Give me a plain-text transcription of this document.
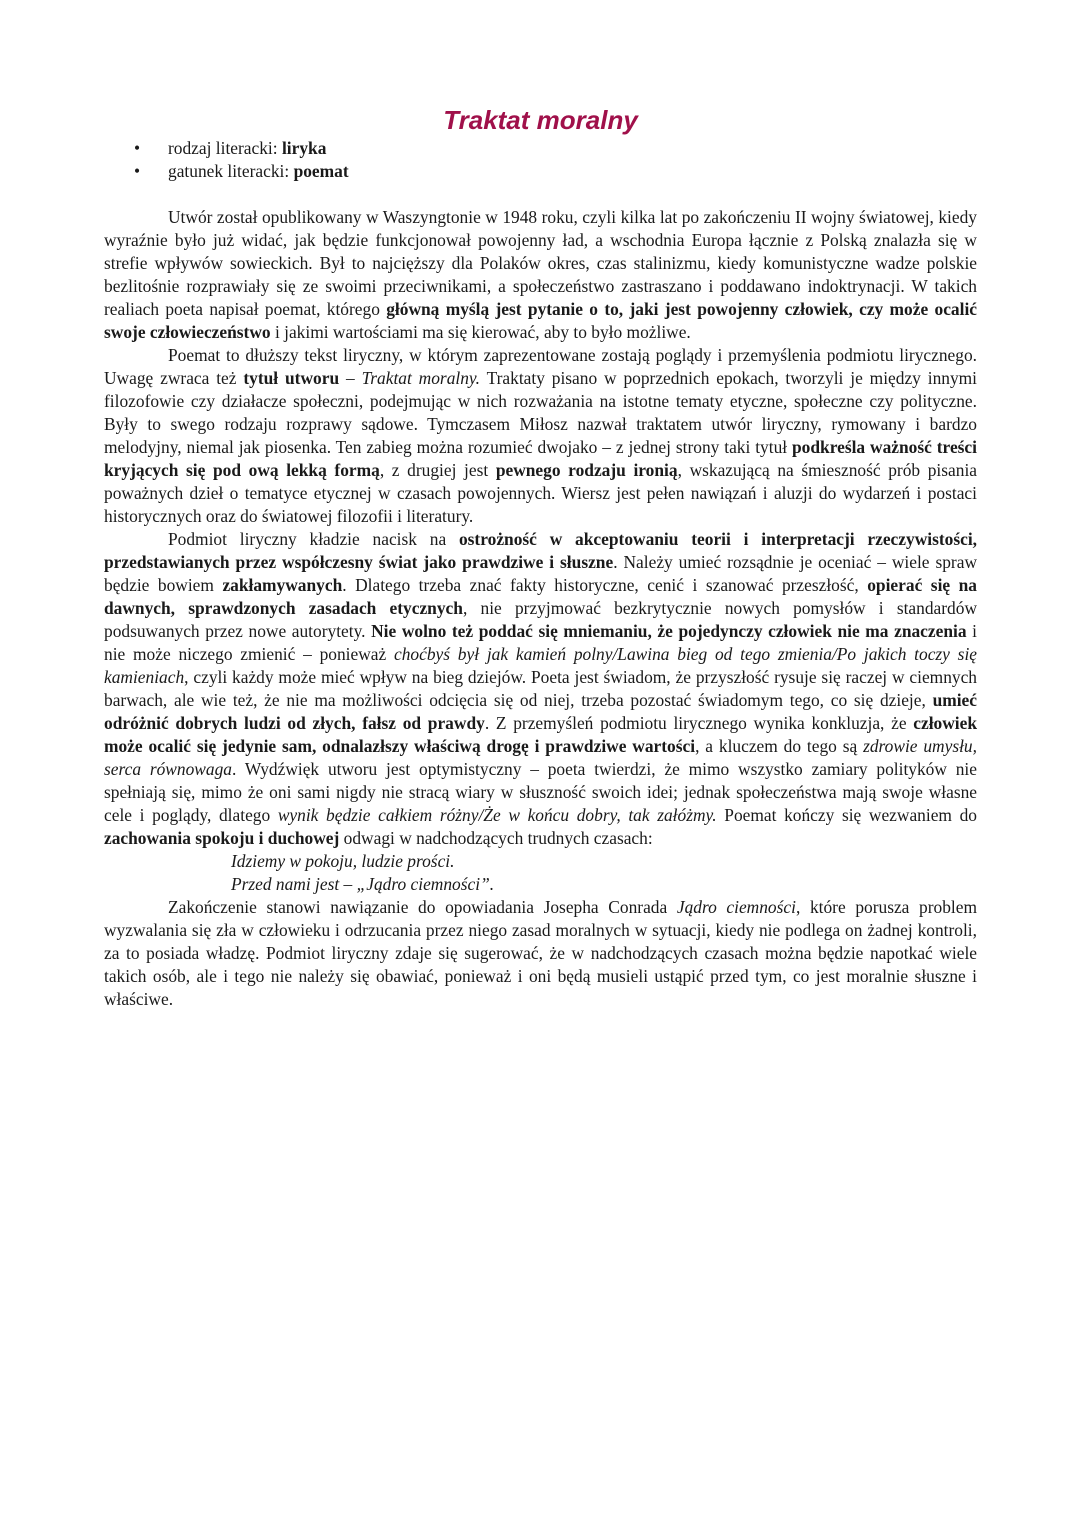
Traktat moralny
• rodzaj literacki: liryka
• gatunek literacki: poemat

Utwór został opublikowany w Waszyngtonie w 1948 roku, czyli kilka lat po zakończeniu II wojny światowej, kiedy wyraźnie było już widać, jak będzie funkcjonował powojenny ład, a wschodnia Europa łącznie z Polską znalazła się w strefie wpływów sowieckich. Był to najcięższy dla Polaków okres, czas stalinizmu, kiedy komunistyczne wadze polskie bezlitośnie rozprawiały się ze swoimi przeciwnikami, a społeczeństwo zastraszano i poddawano indoktrynacji. W takich realiach poeta napisał poemat, którego główną myślą jest pytanie o to, jaki jest powojenny człowiek, czy może ocalić swoje człowieczeństwo i jakimi wartościami ma się kierować, aby to było możliwe.

Poemat to dłuższy tekst liryczny, w którym zaprezentowane zostają poglądy i przemyślenia podmiotu lirycznego. Uwagę zwraca też tytuł utworu – Traktat moralny. Traktaty pisano w poprzednich epokach, tworzyli je między innymi filozofowie czy działacze społeczni, podejmując w nich rozważania na istotne tematy etyczne, społeczne czy polityczne. Były to swego rodzaju rozprawy sądowe. Tymczasem Miłosz nazwał traktatem utwór liryczny, rymowany i bardzo melodyjny, niemal jak piosenka. Ten zabieg można rozumieć dwojako – z jednej strony taki tytuł podkreśla ważność treści kryjących się pod ową lekką formą, z drugiej jest pewnego rodzaju ironią, wskazującą na śmieszność prób pisania poważnych dzieł o tematyce etycznej w czasach powojennych. Wiersz jest pełen nawiązań i aluzji do wydarzeń i postaci historycznych oraz do światowej filozofii i literatury.

Podmiot liryczny kładzie nacisk na ostrożność w akceptowaniu teorii i interpretacji rzeczywistości, przedstawianych przez współczesny świat jako prawdziwe i słuszne. Należy umieć rozsądnie je oceniać – wiele spraw będzie bowiem zakłamywanych. Dlatego trzeba znać fakty historyczne, cenić i szanować przeszłość, opierać się na dawnych, sprawdzonych zasadach etycznych, nie przyjmować bezkrytycznie nowych pomysłów i standardów podsuwanych przez nowe autorytety. Nie wolno też poddać się mniemaniu, że pojedynczy człowiek nie ma znaczenia i nie może niczego zmienić – ponieważ choćbyś był jak kamień polny/Lawina bieg od tego zmienia/Po jakich toczy się kamieniach, czyli każdy może mieć wpływ na bieg dziejów. Poeta jest świadom, że przyszłość rysuje się raczej w ciemnych barwach, ale wie też, że nie ma możliwości odcięcia się od niej, trzeba pozostać świadomym tego, co się dzieje, umieć odróżnić dobrych ludzi od złych, fałsz od prawdy. Z przemyśleń podmiotu lirycznego wynika konkluzja, że człowiek może ocalić się jedynie sam, odnalazłszy właściwą drogę i prawdziwe wartości, a kluczem do tego są zdrowie umysłu, serca równowaga. Wydźwięk utworu jest optymistyczny – poeta twierdzi, że mimo wszystko zamiary polityków nie spełniają się, mimo że oni sami nigdy nie stracą wiary w słuszność swoich idei; jednak społeczeństwa mają swoje własne cele i poglądy, dlatego wynik będzie całkiem różny/Że w końcu dobry, tak załóżmy. Poemat kończy się wezwaniem do zachowania spokoju i duchowej odwagi w nadchodzących trudnych czasach:

Idziemy w pokoju, ludzie prości.

Przed nami jest – „Jądro ciemności”.

Zakończenie stanowi nawiązanie do opowiadania Josepha Conrada Jądro ciemności, które porusza problem wyzwalania się zła w człowieku i odrzucania przez niego zasad moralnych w sytuacji, kiedy nie podlega on żadnej kontroli, za to posiada władzę. Podmiot liryczny zdaje się sugerować, że w nadchodzących czasach można będzie napotkać wiele takich osób, ale i tego nie należy się obawiać, ponieważ i oni będą musieli ustąpić przed tym, co jest moralnie słuszne i właściwe.
